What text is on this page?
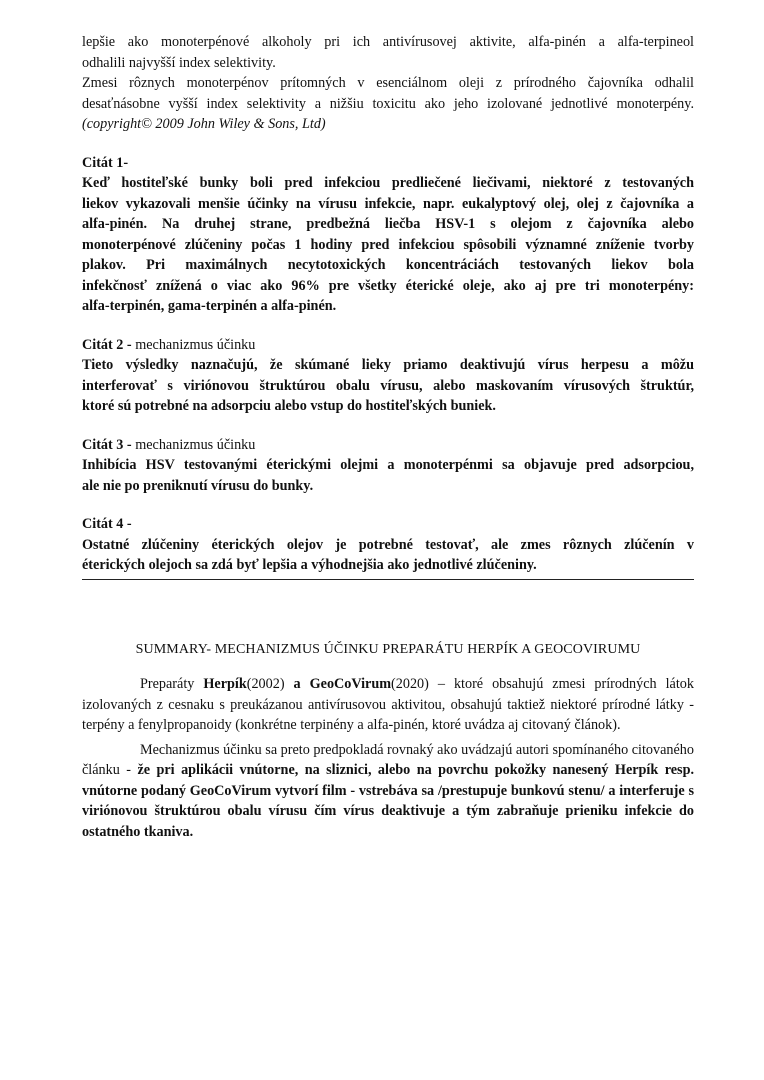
lepšie ako monoterpénové alkoholy pri ich antivírusovej aktivite, alfa-pinén a alfa-terpineol

odhalili najvyšší index selektivity.

Zmesi rôznych monoterpénov prítomných v esenciálnom oleji z prírodného čajovníka odhalil

desaťnásobne vyšší index selektivity a nižšiu toxicitu ako jeho izolované jednotlivé monoterpény.

(copyright© 2009 John Wiley & Sons, Ltd)

Citát 1-

Keď hostiteľské bunky boli pred infekciou predliečené liečivami, niektoré z testovaných

liekov vykazovali menšie účinky na vírusu infekcie, napr. eukalyptový olej, olej z čajovníka a

alfa-pinén. Na druhej strane, predbežná liečba HSV-1 s olejom z čajovníka alebo

monoterpénové zlúčeniny počas 1 hodiny pred infekciou spôsobili významné zníženie tvorby

plakov. Pri maximálnych necytotoxických koncentráciách testovaných liekov bola

infekčnosť znížená o viac ako 96% pre všetky éterické oleje, ako aj pre tri monoterpény:

alfa-terpinén, gama-terpinén a alfa-pinén.

Citát 2 - mechanizmus účinku

Tieto výsledky naznačujú, že skúmané lieky priamo deaktivujú vírus herpesu a môžu

interferovať s viriónovou štruktúrou obalu vírusu, alebo maskovaním vírusových štruktúr,

ktoré sú potrebné na adsorpciu alebo vstup do hostiteľských buniek.

Citát 3 - mechanizmus účinku

Inhibícia HSV testovanými éterickými olejmi a monoterpénmi sa objavuje pred adsorpciou,

ale nie po preniknutí vírusu do bunky.

Citát 4 -

Ostatné zlúčeniny éterických olejov je potrebné testovať, ale zmes rôznych zlúčenín v

éterických olejoch sa zdá byť lepšia a výhodnejšia ako jednotlivé zlúčeniny.

SUMMARY- MECHANIZMUS ÚČINKU PREPARÁTU HERPÍK A GEOCOVIRUMU

Preparáty Herpík(2002) a GeoCoVirum(2020) – ktoré obsahujú zmesi prírodných látok izolovaných z cesnaku s preukázanou antivírusovou aktivitou, obsahujú taktiež niektoré prírodné látky - terpény a fenylpropanoidy (konkrétne terpinény a alfa-pinén, ktoré uvádza aj citovaný článok).

Mechanizmus účinku sa preto predpokladá rovnaký ako uvádzajú autori spomínaného citovaného článku - že pri aplikácii vnútorne, na sliznici, alebo na povrchu pokožky nanesený Herpík resp. vnútorne podaný GeoCoVirum vytvorí film - vstrebáva sa /prestupuje bunkovú stenu/ a interferuje s viriónovou štruktúrou obalu vírusu čím vírus deaktivuje a tým zabraňuje prieniku infekcie do ostatného tkaniva.
